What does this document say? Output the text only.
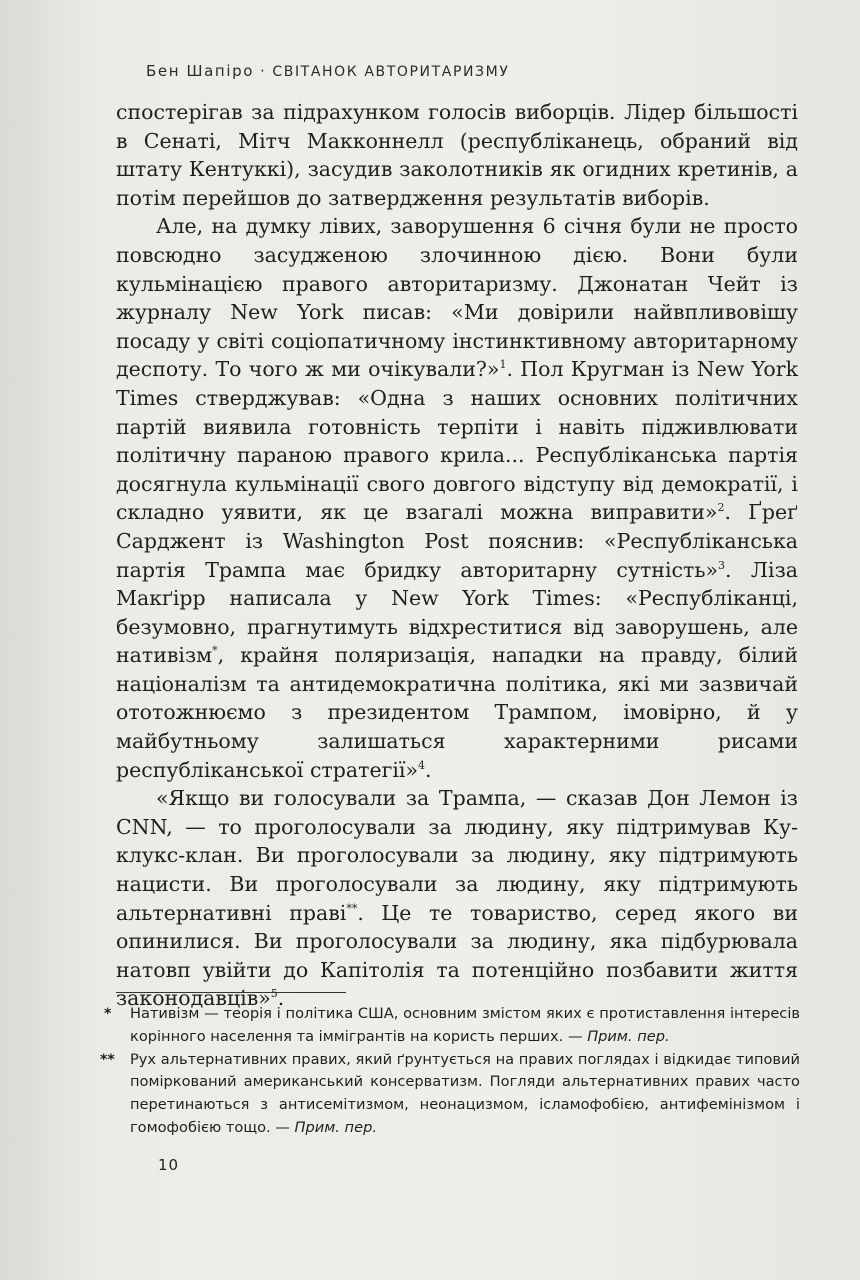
Бен Шапіро · СВІТАНОК АВТОРИТАРИЗМУ

спостерігав за підрахунком голосів виборців. Лідер більшості в Сенаті, Мітч Макконнелл (республіканець, обраний від штату Кентуккі), засудив заколотників як огидних кретинів, а потім перейшов до затвердження результатів виборів.

Але, на думку лівих, заворушення 6 січня були не просто повсюдно засудженою злочинною дією. Вони були кульмінацією правого авторитаризму. Джонатан Чейт із журналу New York писав: «Ми довірили найвпливовішу посаду у світі соціопатичному інстинктивному авторитарному деспоту. То чого ж ми очікували?»$^1$. Пол Кругман із New York Times стверджував: «Одна з наших основних політичних партій виявила готовність терпіти і навіть підживлювати політичну параною правого крила... Республіканська партія досягнула кульмінації свого довгого відступу від демократії, і складно уявити, як це взагалі можна виправити»$^2$. Ґреґ Сарджент із Washington Post пояснив: «Республіканська партія Трампа має бридку авторитарну сутність»$^3$. Ліза Макґірр написала у New York Times: «Республіканці, безумовно, прагнутимуть відхреститися від заворушень, але нативізм*, крайня поляризація, нападки на правду, білий націоналізм та антидемократична політика, які ми зазвичай ототожнюємо з президентом Трампом, імовірно, й у майбутньому залишаться характерними рисами республіканської стратегії»$^4$.

«Якщо ви голосували за Трампа, — сказав Дон Лемон із CNN, — то проголосували за людину, яку підтримував Ку-клукс-клан. Ви проголосували за людину, яку підтримують нацисти. Ви проголосували за людину, яку підтримують альтернативні праві**. Це те товариство, серед якого ви опинилися. Ви проголосували за людину, яка підбурювала натовп увійти до Капітолія та потенційно позбавити життя законодавців»$^5$.

* Нативізм — теорія і політика США, основним змістом яких є протиставлення інтересів корінного населення та іммігрантів на користь перших. — Прим. пер.
** Рух альтернативних правих, який ґрунтується на правих поглядах і відкидає типовий поміркований американський консерватизм. Погляди альтернативних правих часто перетинаються з антисемітизмом, неонацизмом, ісламофобією, антифемінізмом і гомофобією тощо. — Прим. пер.
10
